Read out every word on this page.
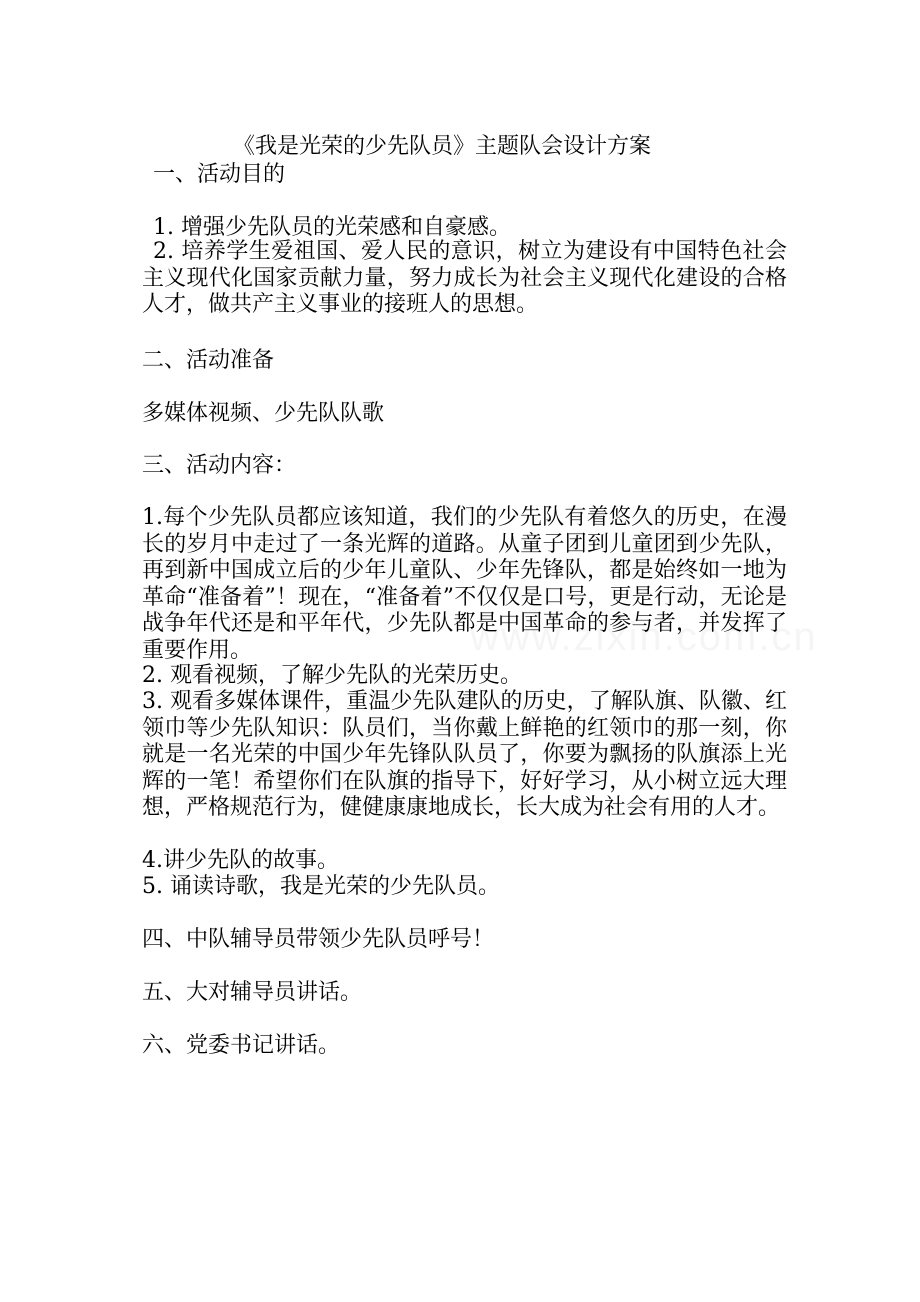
《我是光荣的少先队员》主题队会设计方案
一、活动目的
1. 增强少先队员的光荣感和自豪感。
2. 培养学生爱祖国、爱人民的意识，树立为建设有中国特色社会主义现代化国家贡献力量，努力成长为社会主义现代化建设的合格人才，做共产主义事业的接班人的思想。
二、活动准备
多媒体视频、少先队队歌
三、活动内容：
1.每个少先队员都应该知道，我们的少先队有着悠久的历史，在漫长的岁月中走过了一条光辉的道路。从童子团到儿童团到少先队，再到新中国成立后的少年儿童队、少年先锋队，都是始终如一地为革命“准备着”！现在，“准备着”不仅仅是口号，更是行动，无论是战争年代还是和平年代，少先队都是中国革命的参与者，并发挥了重要作用。
2. 观看视频，了解少先队的光荣历史。
3. 观看多媒体课件，重温少先队建队的历史，了解队旗、队徽、红领巾等少先队知识：队员们，当你戴上鲜艳的红领巾的那一刻，你就是一名光荣的中国少年先锋队队员了，你要为飘扬的队旗添上光辉的一笔！希望你们在队旗的指导下，好好学习，从小树立远大理想，严格规范行为，健健康康地成长，长大成为社会有用的人才。
4.讲少先队的故事。
5. 诵读诗歌，我是光荣的少先队员。
四、中队辅导员带领少先队员呼号！
五、大对辅导员讲话。
六、党委书记讲话。
